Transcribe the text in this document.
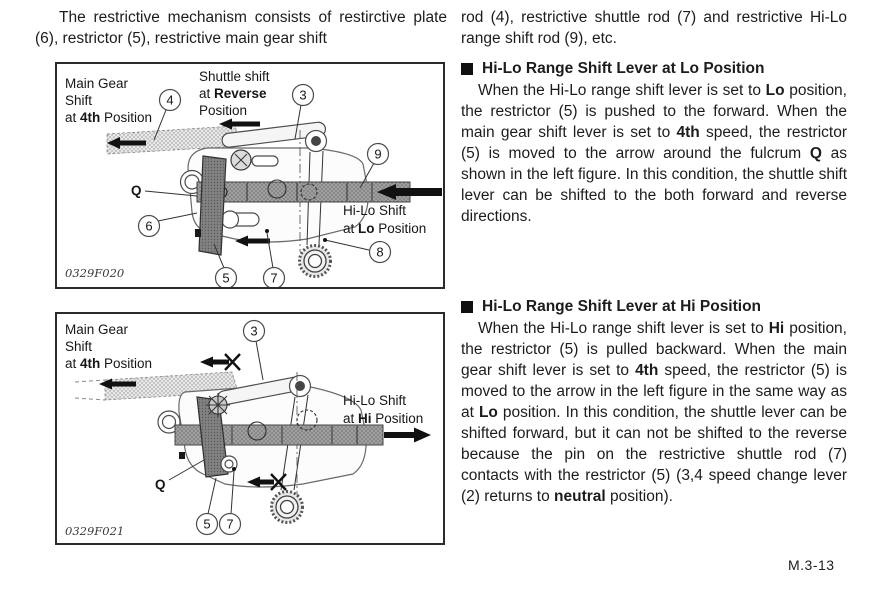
The restrictive mechanism consists of restirctive plate (6), restrictor (5), restrictive main gear shift
4	3
9
6
5	7
8
Main Gear
Shift
at 4th Position
Shuttle shift
at Reverse
Position
Hi-Lo Shift
at Lo Position
Q
0329F020
3
5 7
Main Gear
Shift
at 4th Position
Hi-Lo Shift
at Hi Position
Q
0329F021
rod (4), restrictive shuttle rod (7) and restrictive Hi-Lo range shift rod (9), etc.
Hi-Lo Range Shift Lever at Lo Position
When the Hi-Lo range shift lever is set to Lo position, the restrictor (5) is pushed to the forward. When the main gear shift lever is set to 4th speed, the restrictor (5) is moved to the arrow around the fulcrum Q as shown in the left figure. In this condition, the shuttle shift lever can be shifted to the both forward and reverse directions.
Hi-Lo Range Shift Lever at Hi Position
When the Hi-Lo range shift lever is set to Hi position, the restrictor (5) is pulled backward. When the main gear shift lever is set to 4th speed, the restrictor (5) is moved to the arrow in the left figure in the same way as at Lo position. In this condition, the shuttle lever can be shifted forward, but it can not be shifted to the reverse because the pin on the restrictive shuttle rod (7) contacts with the restrictor (5) (3,4 speed change lever (2) returns to neutral position).
M.3-13
